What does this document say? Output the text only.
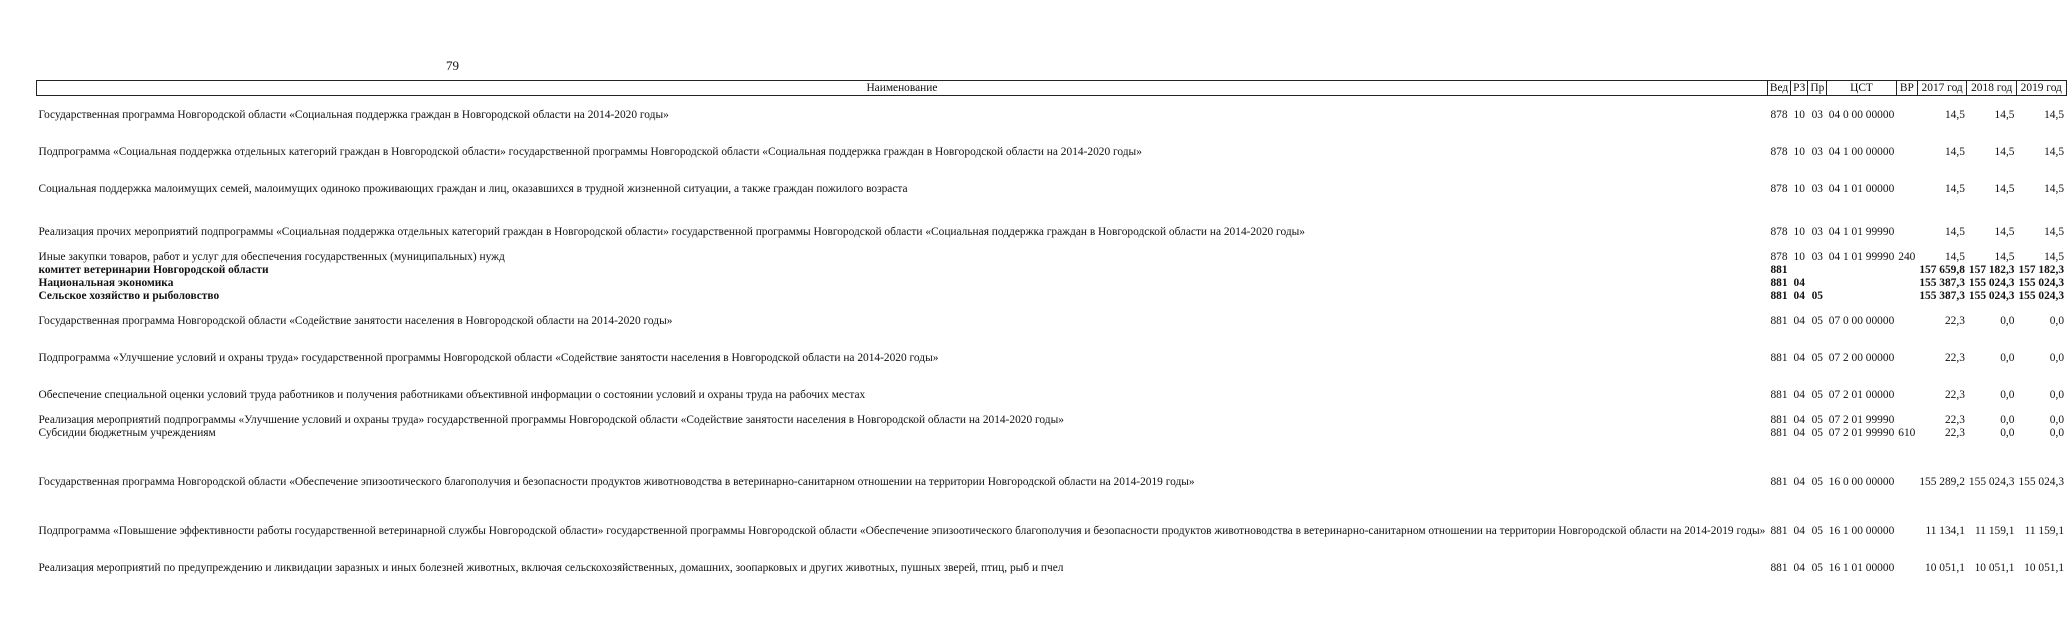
79
Наименование	Вед	РЗ	Пр	ЦСТ	ВР	2017 год	2018 год	2019 год
Государственная программа Новгородской области «Социальная поддержка граждан в Новгородской области на 2014-2020 годы»	878	10	03	04 0 00 00000		14,5	14,5	14,5
Подпрограмма «Социальная поддержка отдельных категорий граждан в Новгородской области» государственной программы Новгородской области «Социальная поддержка граждан в Новгородской области на 2014-2020 годы»	878	10	03	04 1 00 00000		14,5	14,5	14,5
Социальная поддержка малоимущих семей, малоимущих одиноко проживающих граждан и лиц, оказавшихся в трудной жизненной ситуации, а также граждан пожилого возраста	878	10	03	04 1 01 00000		14,5	14,5	14,5
Реализация прочих мероприятий подпрограммы «Социальная поддержка отдельных категорий граждан в Новгородской области» государственной программы Новгородской области «Социальная поддержка граждан в Новгородской области на 2014-2020 годы»	878	10	03	04 1 01 99990		14,5	14,5	14,5
Иные закупки товаров, работ и услуг для обеспечения государственных (муниципальных) нужд	878	10	03	04 1 01 99990	240	14,5	14,5	14,5
комитет ветеринарии Новгородской области	881					157 659,8	157 182,3	157 182,3
Национальная экономика	881	04				155 387,3	155 024,3	155 024,3
Сельское хозяйство и рыболовство	881	04	05			155 387,3	155 024,3	155 024,3
Государственная программа Новгородской области «Содействие занятости населения в Новгородской области на 2014-2020 годы»	881	04	05	07 0 00 00000		22,3	0,0	0,0
Подпрограмма «Улучшение условий и охраны труда» государственной программы Новгородской области «Содействие занятости населения в Новгородской области на 2014-2020 годы»	881	04	05	07 2 00 00000		22,3	0,0	0,0
Обеспечение специальной оценки условий труда работников и получения работниками объективной информации о состоянии условий и охраны труда на рабочих местах	881	04	05	07 2 01 00000		22,3	0,0	0,0
Реализация мероприятий подпрограммы «Улучшение условий и охраны труда» государственной программы Новгородской области «Содействие занятости населения в Новгородской области на 2014-2020 годы»	881	04	05	07 2 01 99990		22,3	0,0	0,0
Субсидии бюджетным учреждениям	881	04	05	07 2 01 99990	610	22,3	0,0	0,0
Государственная программа Новгородской области «Обеспечение эпизоотического благополучия и безопасности продуктов животноводства в ветеринарно-санитарном отношении на территории Новгородской области на 2014-2019 годы»	881	04	05	16 0 00 00000		155 289,2	155 024,3	155 024,3
Подпрограмма «Повышение эффективности работы государственной ветеринарной службы Новгородской области» государственной программы Новгородской области «Обеспечение эпизоотического благополучия и безопасности продуктов животноводства в ветеринарно-санитарном отношении на территории Новгородской области на 2014-2019 годы»	881	04	05	16 1 00 00000		11 134,1	11 159,1	11 159,1
Реализация мероприятий по предупреждению и ликвидации заразных и иных болезней животных, включая сельскохозяйственных, домашних, зоопарковых и других животных, пушных зверей, птиц, рыб и пчел	881	04	05	16 1 01 00000		10 051,1	10 051,1	10 051,1
